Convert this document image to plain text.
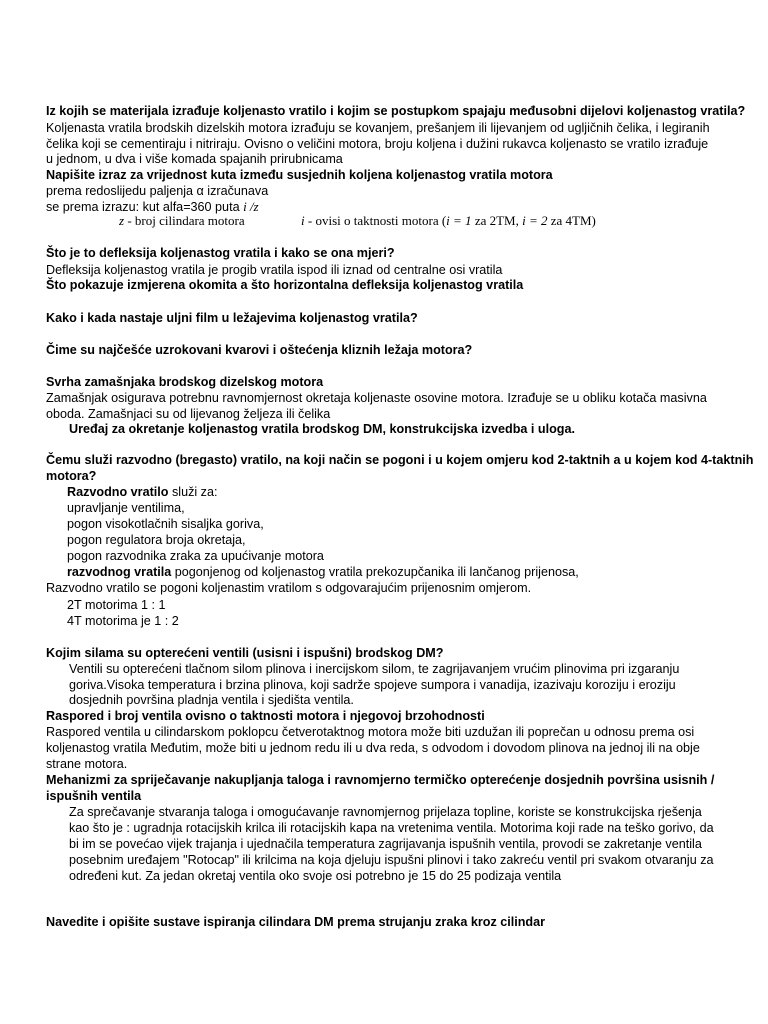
Iz kojih se materijala izrađuje koljenasto vratilo i kojim se postupkom spajaju međusobni dijelovi koljenastog vratila?
Koljenasta vratila brodskih dizelskih motora izrađuju se kovanjem, prešanjem ili lijevanjem od ugljičnih čelika, i legiranih
čelika koji se cementiraju i nitriraju. Ovisno o veličini motora, broju koljena i dužini rukavca koljenasto se vratilo izrađuje
u jednom, u dva i više komada spajanih prirubnicama
Napišite izraz za vrijednost kuta između susjednih koljena koljenastog vratila motora
prema redoslijedu paljenja α izračunava
se prema izrazu: kut alfa=360 puta i /z
z - broj cilindara motora	i - ovisi o taktnosti motora (i = 1 za 2TM, i = 2 za 4TM)
Što je to defleksija koljenastog vratila i kako se ona mjeri?
Defleksija koljenastog vratila je progib vratila ispod ili iznad od centralne osi vratila
Što pokazuje izmjerena okomita a što horizontalna defleksija koljenastog vratila
Kako i kada nastaje uljni film u ležajevima koljenastog vratila?
Čime su najčešće uzrokovani kvarovi i oštećenja kliznih ležaja motora?
Svrha zamašnjaka brodskog dizelskog motora
Zamašnjak osigurava potrebnu ravnomjernost okretaja koljenaste osovine motora. Izrađuje se u obliku kotača masivna
oboda. Zamašnjaci su od lijevanog željeza ili čelika
Uređaj za okretanje koljenastog vratila brodskog DM, konstrukcijska izvedba i uloga.
Čemu služi razvodno (bregasto) vratilo, na koji način se pogoni i u kojem omjeru kod 2-taktnih a u kojem kod 4-taktnih
motora?
Razvodno vratilo služi za:
upravljanje ventilima,
pogon visokotlačnih sisaljka goriva,
pogon regulatora broja okretaja,
pogon razvodnika zraka za upućivanje motora
razvodnog vratila pogonjenog od koljenastog vratila prekozupčanika ili lančanog prijenosa,
Razvodno vratilo se pogoni koljenastim vratilom s odgovarajućim prijenosnim omjerom.
2T motorima 1 : 1
4T motorima je 1 : 2
Kojim silama su opterećeni ventili (usisni i ispušni) brodskog DM?
Ventili su opterećeni tlačnom silom plinova i inercijskom silom, te zagrijavanjem vrućim plinovima pri izgaranju
goriva.Visoka temperatura i brzina plinova, koji sadrže spojeve sumpora i vanadija, izazivaju koroziju i eroziju
dosjednih površina pladnja ventila i sjedišta ventila.
Raspored i broj ventila ovisno o taktnosti motora i njegovoj brzohodnosti
Raspored ventila u cilindarskom poklopcu četverotaktnog motora može biti uzdužan ili poprečan u odnosu prema osi
koljenastog vratila Međutim, može biti u jednom redu ili u dva reda, s odvodom i dovodom plinova na jednoj ili na obje
strane motora.
Mehanizmi za spriječavanje nakupljanja taloga i ravnomjerno termičko opterećenje dosjednih površina usisnih /
ispušnih ventila
Za sprečavanje stvaranja taloga i omogućavanje ravnomjernog prijelaza topline, koriste se konstrukcijska rješenja
kao što je : ugradnja rotacijskih krilca ili rotacijskih kapa na vretenima ventila. Motorima koji rade na teško gorivo, da
bi im se povećao vijek trajanja i ujednačila temperatura zagrijavanja ispušnih ventila, provodi se zakretanje ventila
posebnim uređajem "Rotocap" ili krilcima na koja djeluju ispušni plinovi i tako zakreću ventil pri svakom otvaranju za
određeni kut. Za jedan okretaj ventila oko svoje osi potrebno je 15 do 25 podizaja ventila
Navedite i opišite sustave ispiranja cilindara DM prema strujanju zraka kroz cilindar
